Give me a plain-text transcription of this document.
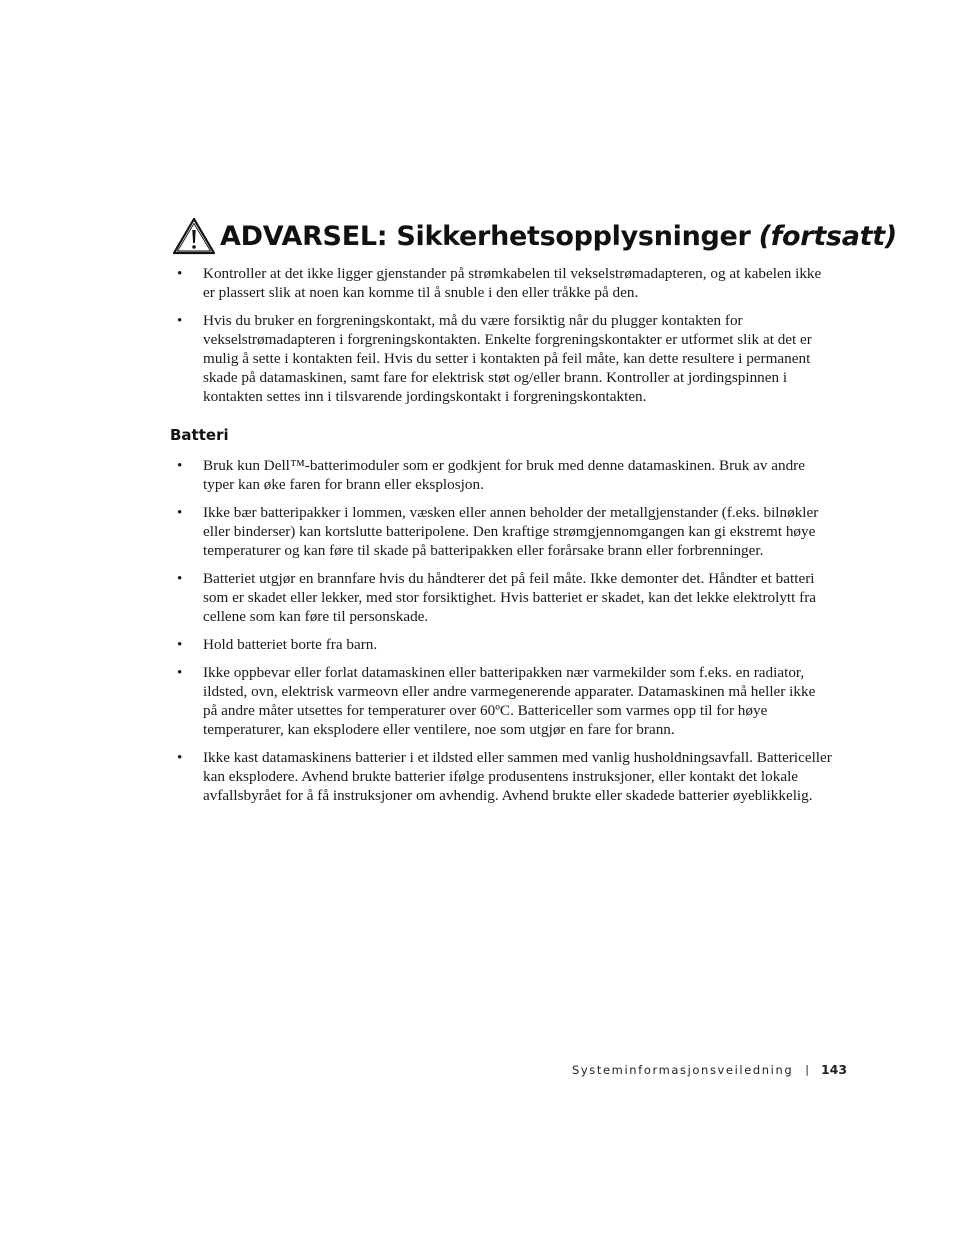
ADVARSEL: Sikkerhetsopplysninger (fortsatt)
• Kontroller at det ikke ligger gjenstander på strømkabelen til vekselstrømadapteren, og at kabelen ikke er plassert slik at noen kan komme til å snuble i den eller tråkke på den.
• Hvis du bruker en forgreningskontakt, må du være forsiktig når du plugger kontakten for vekselstrømadapteren i forgreningskontakten. Enkelte forgreningskontakter er utformet slik at det er mulig å sette i kontakten feil. Hvis du setter i kontakten på feil måte, kan dette resultere i permanent skade på datamaskinen, samt fare for elektrisk støt og/eller brann. Kontroller at jordingspinnen i kontakten settes inn i tilsvarende jordingskontakt i forgreningskontakten.
Batteri
• Bruk kun Dell™-batterimoduler som er godkjent for bruk med denne datamaskinen. Bruk av andre typer kan øke faren for brann eller eksplosjon.
• Ikke bær batteripakker i lommen, væsken eller annen beholder der metallgjenstander (f.eks. bilnøkler eller binderser) kan kortslutte batteripolene. Den kraftige strømgjennomgangen kan gi ekstremt høye temperaturer og kan føre til skade på batteripakken eller forårsake brann eller forbrenninger.
• Batteriet utgjør en brannfare hvis du håndterer det på feil måte. Ikke demonter det. Håndter et batteri som er skadet eller lekker, med stor forsiktighet. Hvis batteriet er skadet, kan det lekke elektrolytt fra cellene som kan føre til personskade.
• Hold batteriet borte fra barn.
• Ikke oppbevar eller forlat datamaskinen eller batteripakken nær varmekilder som f.eks. en radiator, ildsted, ovn, elektrisk varmeovn eller andre varmegenerende apparater. Datamaskinen må heller ikke på andre måter utsettes for temperaturer over 60ºC. Battericeller som varmes opp til for høye temperaturer, kan eksplodere eller ventilere, noe som utgjør en fare for brann.
• Ikke kast datamaskinens batterier i et ildsted eller sammen med vanlig husholdningsavfall. Battericeller kan eksplodere. Avhend brukte batterier ifølge produsentens instruksjoner, eller kontakt det lokale avfallsbyrået for å få instruksjoner om avhendig. Avhend brukte eller skadede batterier øyeblikkelig.
Systeminformasjonsveiledning | 143
